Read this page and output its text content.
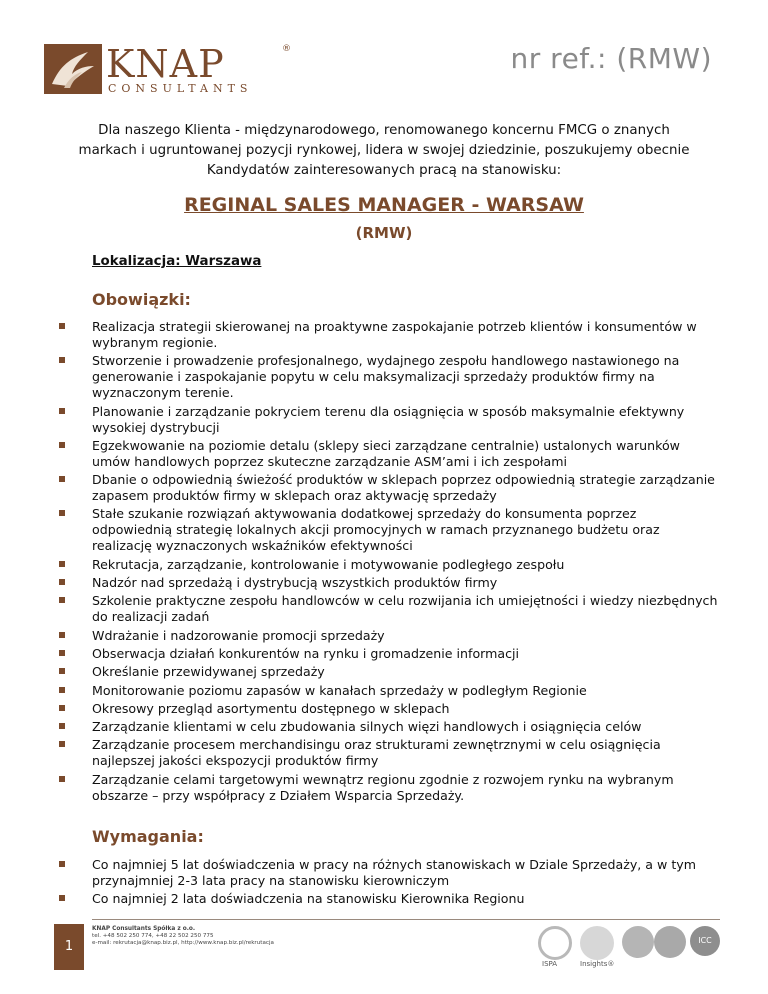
KNAP	®
CONSULTANTS
nr ref.: (RMW)
Dla naszego Klienta - międzynarodowego, renomowanego koncernu FMCG o znanych markach i ugruntowanej pozycji rynkowej, lidera w swojej dziedzinie, poszukujemy obecnie Kandydatów zainteresowanych pracą na stanowisku:
REGINAL SALES MANAGER - WARSAW
(RMW)
Lokalizacja: Warszawa
Obowiązki:
Realizacja strategii skierowanej na proaktywne zaspokajanie potrzeb klientów i konsumentów w wybranym regionie.
Stworzenie i prowadzenie profesjonalnego, wydajnego zespołu handlowego nastawionego na generowanie i zaspokajanie popytu w celu maksymalizacji sprzedaży produktów firmy na wyznaczonym terenie.
Planowanie i zarządzanie pokryciem terenu dla osiągnięcia w sposób maksymalnie efektywny wysokiej dystrybucji
Egzekwowanie na poziomie detalu (sklepy sieci zarządzane centralnie) ustalonych warunków umów handlowych poprzez skuteczne zarządzanie ASM’ami i ich zespołami
Dbanie o odpowiednią świeżość produktów w sklepach poprzez odpowiednią strategie zarządzanie zapasem produktów firmy w sklepach oraz aktywację sprzedaży
Stałe szukanie rozwiązań aktywowania dodatkowej sprzedaży do konsumenta poprzez odpowiednią strategię lokalnych akcji promocyjnych w ramach przyznanego budżetu oraz realizację wyznaczonych wskaźników efektywności
Rekrutacja, zarządzanie, kontrolowanie i motywowanie podległego zespołu
Nadzór nad sprzedażą i dystrybucją wszystkich produktów firmy
Szkolenie praktyczne zespołu handlowców w celu rozwijania ich umiejętności i wiedzy niezbędnych do realizacji zadań
Wdrażanie i nadzorowanie promocji sprzedaży
Obserwacja działań konkurentów na rynku i gromadzenie informacji
Określanie przewidywanej sprzedaży
Monitorowanie poziomu zapasów w kanałach sprzedaży w podległym Regionie
Okresowy przegląd asortymentu dostępnego w sklepach
Zarządzanie klientami w celu zbudowania silnych więzi handlowych i osiągnięcia celów
Zarządzanie procesem merchandisingu oraz strukturami zewnętrznymi w celu osiągnięcia najlepszej jakości ekspozycji produktów firmy
Zarządzanie celami targetowymi wewnątrz regionu zgodnie z rozwojem rynku na wybranym obszarze – przy współpracy z Działem Wsparcia Sprzedaży.
Wymagania:
Co najmniej 5 lat doświadczenia w pracy na różnych stanowiskach w Dziale Sprzedaży, a w tym przynajmniej 2-3 lata pracy na stanowisku kierowniczym
Co najmniej 2 lata doświadczenia na stanowisku Kierownika Regionu
1
KNAP Consultants Spółka z o.o.
tel. +48 502 250 774, +48 22 502 250 775
e-mail: rekrutacja@knap.biz.pl, http://www.knap.biz.pl/rekrutacja
ISPA	Insights®
ICC
